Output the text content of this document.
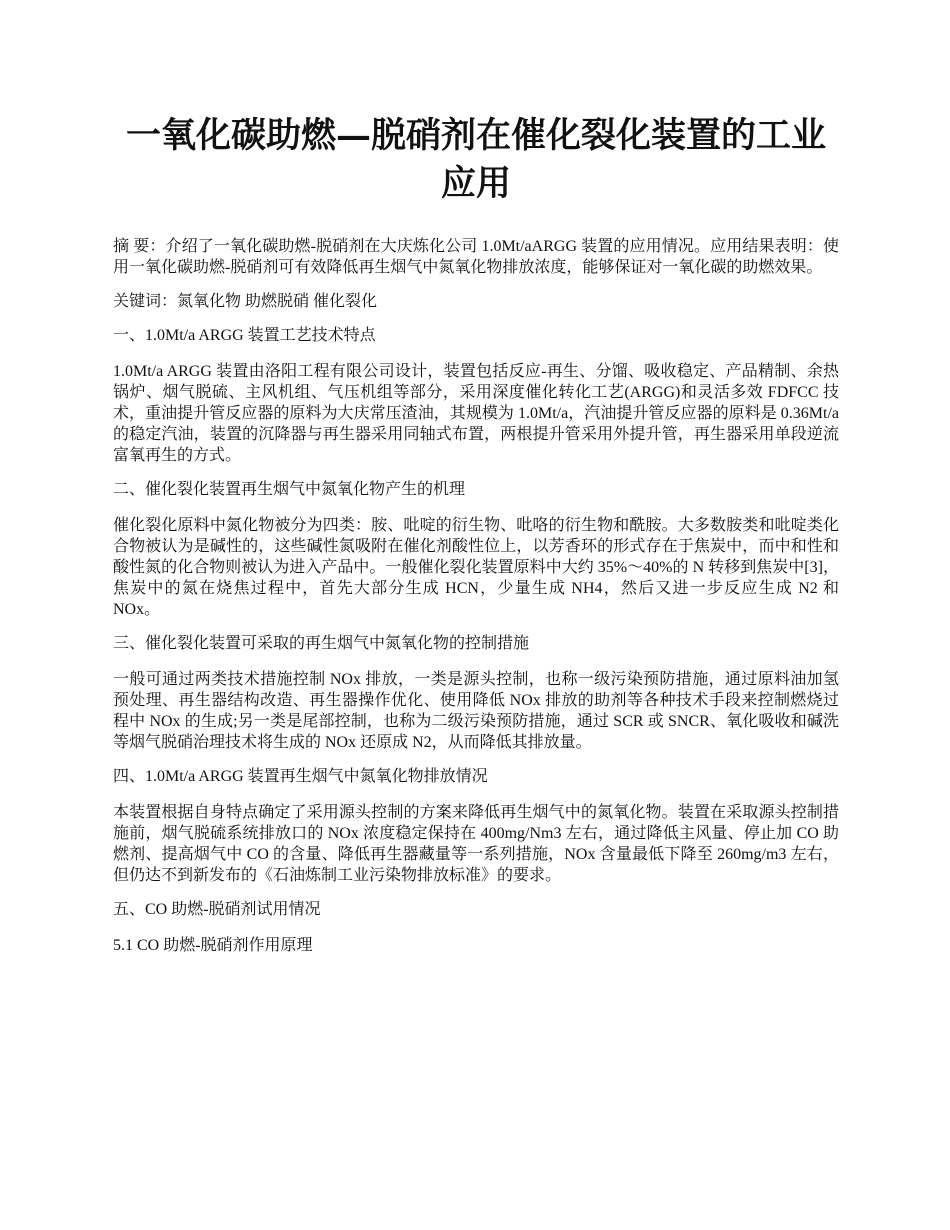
一氧化碳助燃—脱硝剂在催化裂化装置的工业应用

摘 要：介绍了一氧化碳助燃-脱硝剂在大庆炼化公司 1.0Mt/aARGG 装置的应用情况。应用结果表明：使用一氧化碳助燃-脱硝剂可有效降低再生烟气中氮氧化物排放浓度，能够保证对一氧化碳的助燃效果。

关键词：氮氧化物 助燃脱硝 催化裂化

一、1.0Mt/a ARGG 装置工艺技术特点

1.0Mt/a ARGG 装置由洛阳工程有限公司设计，装置包括反应-再生、分馏、吸收稳定、产品精制、余热锅炉、烟气脱硫、主风机组、气压机组等部分，采用深度催化转化工艺(ARGG)和灵活多效 FDFCC 技术，重油提升管反应器的原料为大庆常压渣油，其规模为 1.0Mt/a，汽油提升管反应器的原料是 0.36Mt/a 的稳定汽油，装置的沉降器与再生器采用同轴式布置，两根提升管采用外提升管，再生器采用单段逆流富氧再生的方式。

二、催化裂化装置再生烟气中氮氧化物产生的机理

催化裂化原料中氮化物被分为四类：胺、吡啶的衍生物、吡咯的衍生物和酰胺。大多数胺类和吡啶类化合物被认为是碱性的，这些碱性氮吸附在催化剂酸性位上，以芳香环的形式存在于焦炭中，而中和性和酸性氮的化合物则被认为进入产品中。一般催化裂化装置原料中大约 35%～40%的 N 转移到焦炭中[3]，焦炭中的氮在烧焦过程中，首先大部分生成 HCN，少量生成 NH4，然后又进一步反应生成 N2 和 NOx。

三、催化裂化装置可采取的再生烟气中氮氧化物的控制措施

一般可通过两类技术措施控制 NOx 排放，一类是源头控制，也称一级污染预防措施，通过原料油加氢预处理、再生器结构改造、再生器操作优化、使用降低 NOx 排放的助剂等各种技术手段来控制燃烧过程中 NOx 的生成;另一类是尾部控制，也称为二级污染预防措施，通过 SCR 或 SNCR、氧化吸收和碱洗等烟气脱硝治理技术将生成的 NOx 还原成 N2，从而降低其排放量。

四、1.0Mt/a ARGG 装置再生烟气中氮氧化物排放情况

本装置根据自身特点确定了采用源头控制的方案来降低再生烟气中的氮氧化物。装置在采取源头控制措施前，烟气脱硫系统排放口的 NOx 浓度稳定保持在 400mg/Nm3 左右，通过降低主风量、停止加 CO 助燃剂、提高烟气中 CO 的含量、降低再生器藏量等一系列措施，NOx 含量最低下降至 260mg/m3 左右，但仍达不到新发布的《石油炼制工业污染物排放标准》的要求。

五、CO 助燃-脱硝剂试用情况

5.1 CO 助燃-脱硝剂作用原理
